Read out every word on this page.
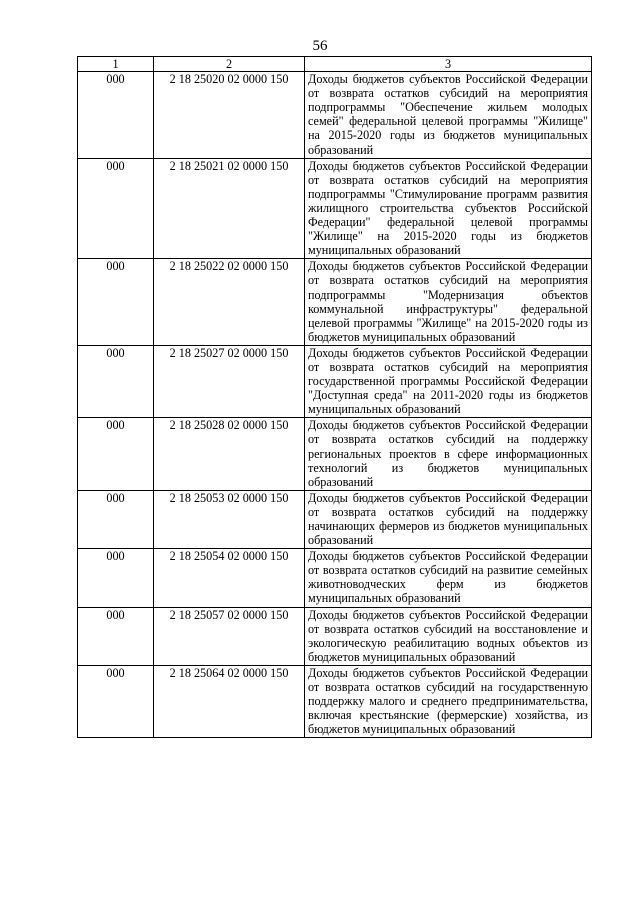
56
1	2	3
000	2 18 25020 02 0000 150	Доходы бюджетов субъектов Российской Федерации от возврата остатков субсидий на мероприятия подпрограммы "Обеспечение жильем молодых семей" федеральной целевой программы "Жилище" на 2015-2020 годы из бюджетов муниципальных образований
000	2 18 25021 02 0000 150	Доходы бюджетов субъектов Российской Федерации от возврата остатков субсидий на мероприятия подпрограммы "Стимулирование программ развития жилищного строительства субъектов Российской Федерации" федеральной целевой программы "Жилище" на 2015-2020 годы из бюджетов муниципальных образований
000	2 18 25022 02 0000 150	Доходы бюджетов субъектов Российской Федерации от возврата остатков субсидий на мероприятия подпрограммы "Модернизация объектов коммунальной инфраструктуры" федеральной целевой программы "Жилище" на 2015-2020 годы из бюджетов муниципальных образований
000	2 18 25027 02 0000 150	Доходы бюджетов субъектов Российской Федерации от возврата остатков субсидий на мероприятия государственной программы Российской Федерации "Доступная среда" на 2011-2020 годы из бюджетов муниципальных образований
000	2 18 25028 02 0000 150	Доходы бюджетов субъектов Российской Федерации от возврата остатков субсидий на поддержку региональных проектов в сфере информационных технологий из бюджетов муниципальных образований
000	2 18 25053 02 0000 150	Доходы бюджетов субъектов Российской Федерации от возврата остатков субсидий на поддержку начинающих фермеров из бюджетов муниципальных образований
000	2 18 25054 02 0000 150	Доходы бюджетов субъектов Российской Федерации от возврата остатков субсидий на развитие семейных животноводческих ферм из бюджетов муниципальных образований
000	2 18 25057 02 0000 150	Доходы бюджетов субъектов Российской Федерации от возврата остатков субсидий на восстановление и экологическую реабилитацию водных объектов из бюджетов муниципальных образований
000	2 18 25064 02 0000 150	Доходы бюджетов субъектов Российской Федерации от возврата остатков субсидий на государственную поддержку малого и среднего предпринимательства, включая крестьянские (фермерские) хозяйства, из бюджетов муниципальных образований
